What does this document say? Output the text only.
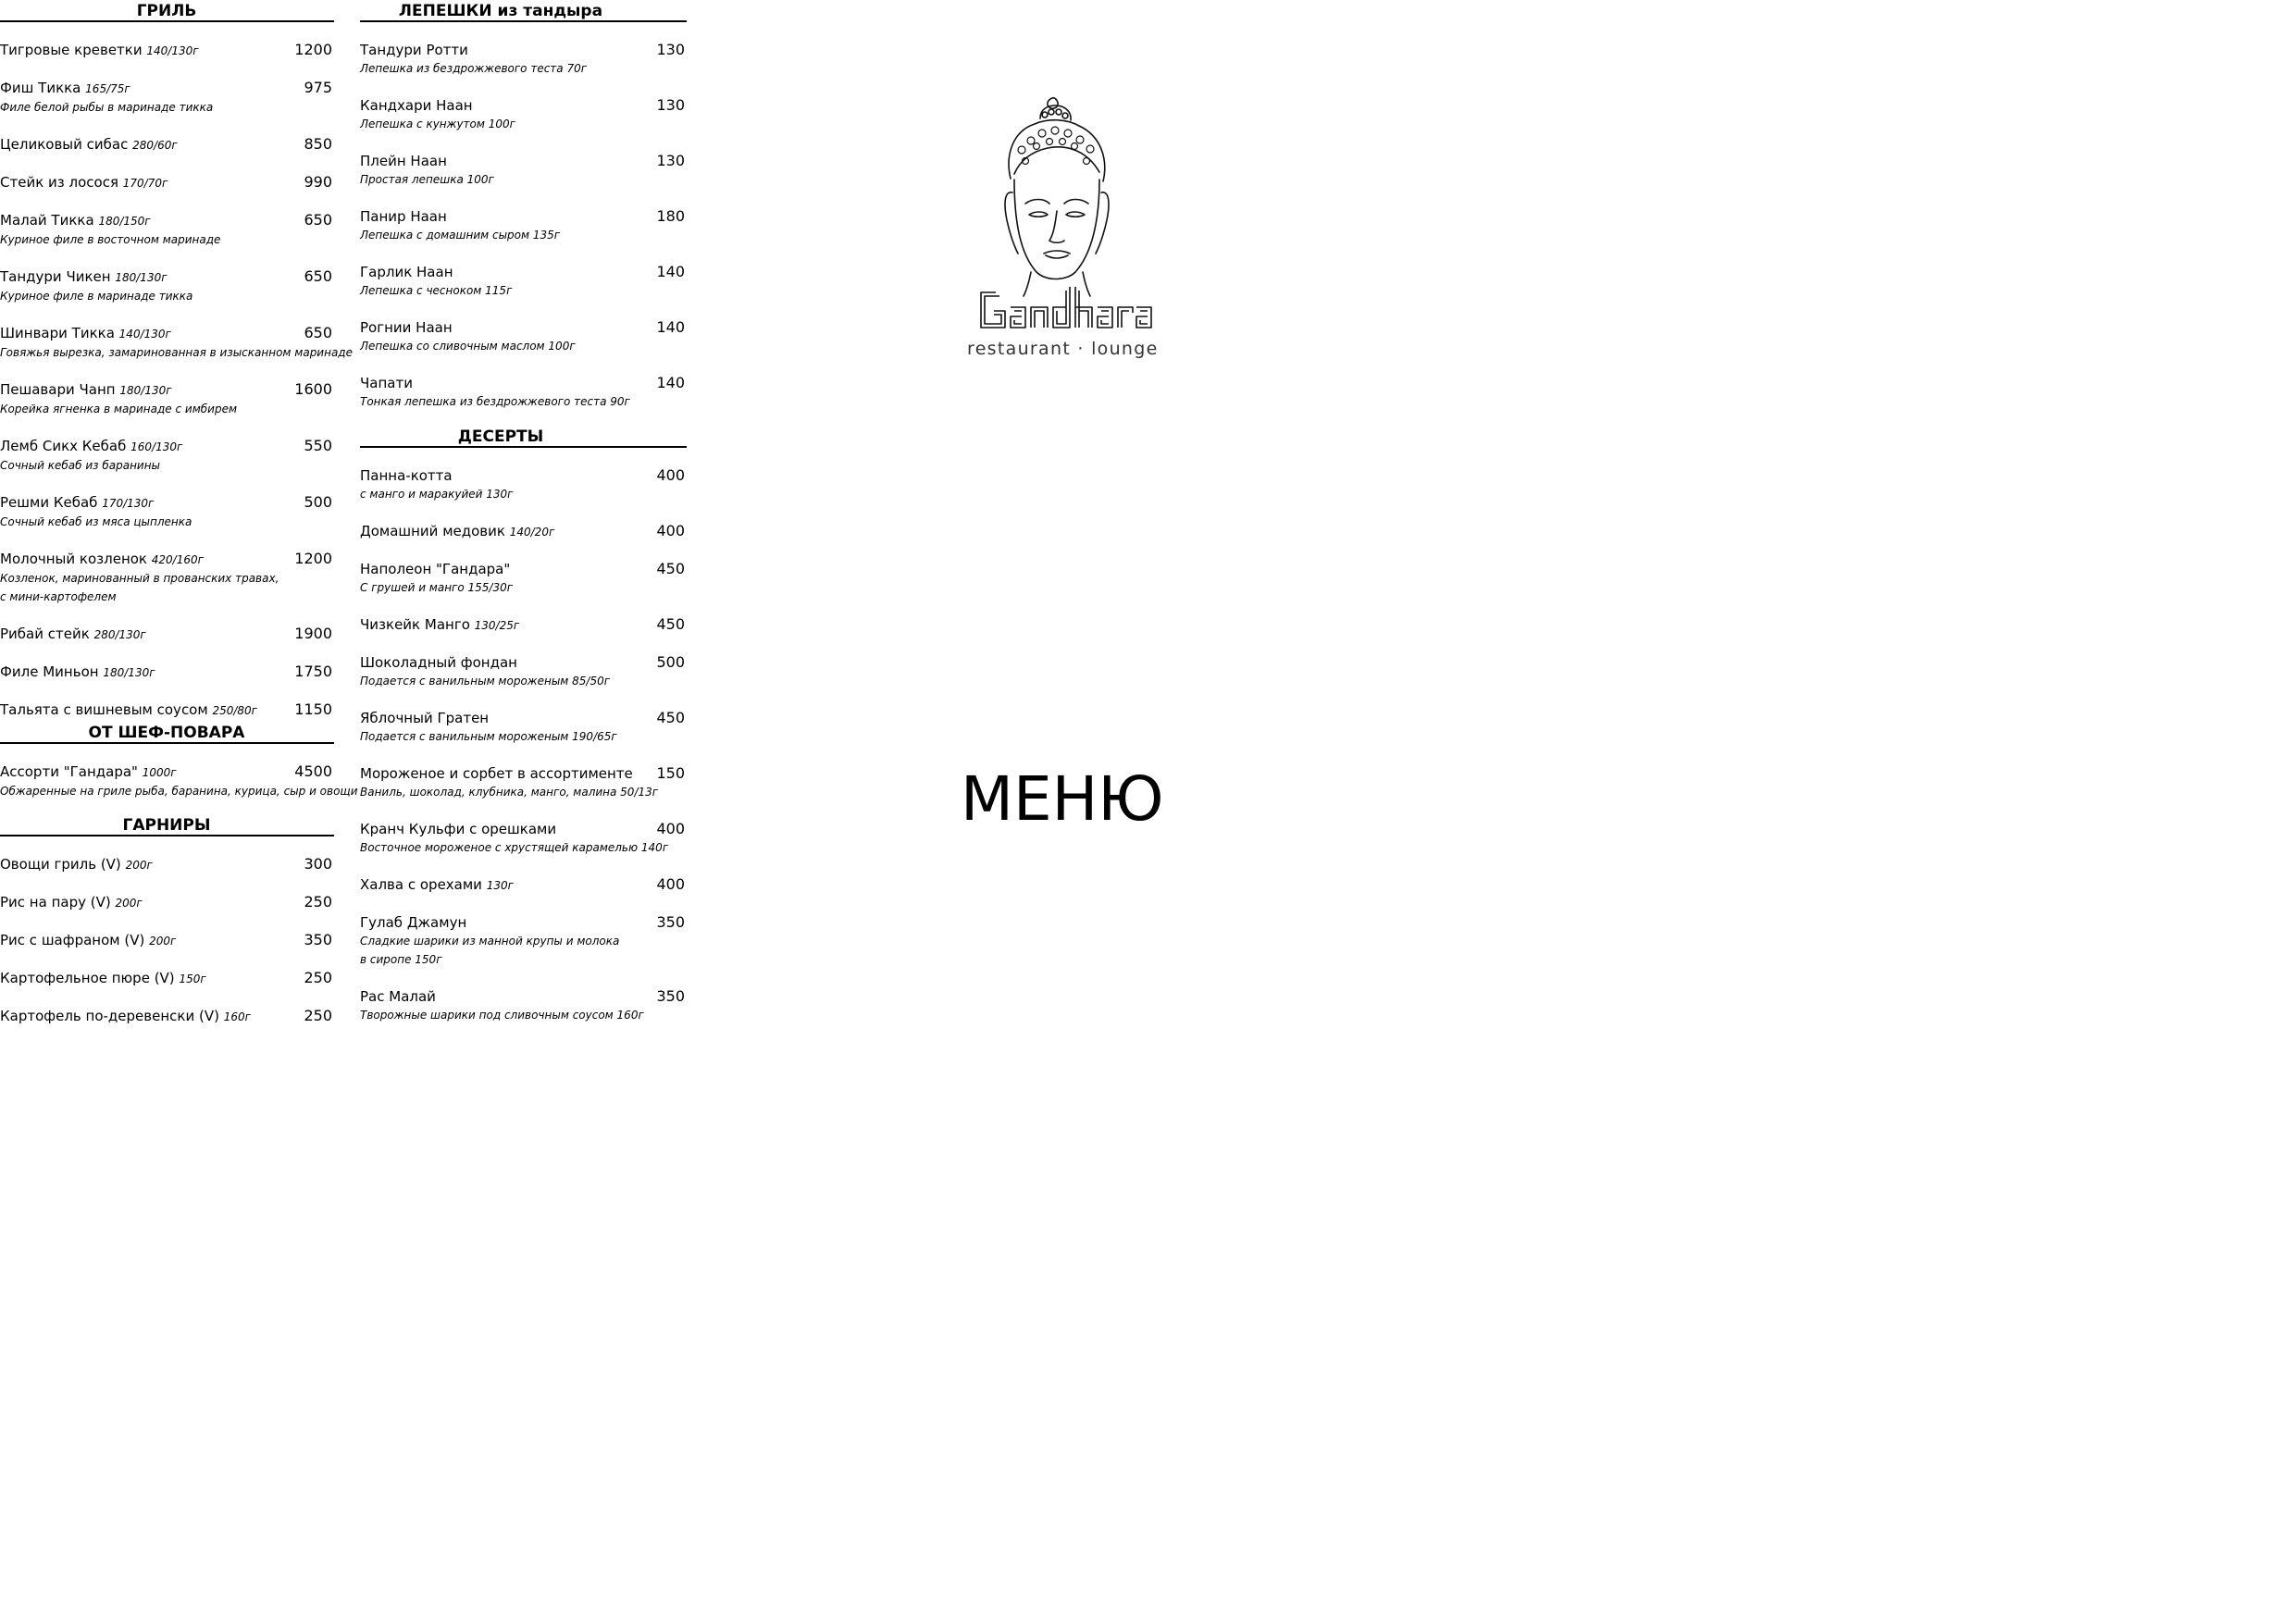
ГРИЛЬ
Тигровые креветки 140/130г	1200
Фиш Тикка 165/75г	975
Филе белой рыбы в маринаде тикка
Целиковый сибас 280/60г	850
Стейк из лосося 170/70г	990
Малай Тикка 180/150г	650
Куриное филе в восточном маринаде
Тандури Чикен 180/130г	650
Куриное филе в маринаде тикка
Шинвари Тикка 140/130г	650
Говяжья вырезка, замаринованная в изысканном маринаде
Пешавари Чанп 180/130г	1600
Корейка ягненка в маринаде с имбирем
Лемб Сикх Кебаб 160/130г	550
Сочный кебаб из баранины
Решми Кебаб 170/130г	500
Сочный кебаб из мяса цыпленка
Молочный козленок 420/160г	1200
Козленок, маринованный в прованских травах,
с мини-картофелем
Рибай стейк 280/130г	1900
Филе Миньон 180/130г	1750
Тальята с вишневым соусом 250/80г	1150
ОТ ШЕФ-ПОВАРА
Ассорти "Гандара" 1000г	4500
Обжаренные на гриле рыба, баранина, курица, сыр и овощи
ГАРНИРЫ
Овощи гриль (V) 200г	300
Рис на пару (V) 200г	250
Рис с шафраном (V) 200г	350
Картофельное пюре (V) 150г	250
Картофель по-деревенски (V) 160г	250
ЛЕПЕШКИ из тандыра
Тандури Ротти	130
Лепешка из бездрожжевого теста 70г
Кандхари Наан	130
Лепешка с кунжутом 100г
Плейн Наан	130
Простая лепешка 100г
Панир Наан	180
Лепешка с домашним сыром 135г
Гарлик Наан	140
Лепешка с чесноком 115г
Рогнии Наан	140
Лепешка со сливочным маслом 100г
Чапати	140
Тонкая лепешка из бездрожжевого теста 90г
ДЕСЕРТЫ
Панна-котта	400
с манго и маракуйей 130г
Домашний медовик 140/20г	400
Наполеон "Гандара"	450
С грушей и манго 155/30г
Чизкейк Манго 130/25г	450
Шоколадный фондан	500
Подается с ванильным мороженым 85/50г
Яблочный Гратен	450
Подается с ванильным мороженым 190/65г
Мороженое и сорбет в ассортименте	150
Ваниль, шоколад, клубника, манго, малина 50/13г
Кранч Кульфи с орешками	400
Восточное мороженое с хрустящей карамелью 140г
Халва с орехами 130г	400
Гулаб Джамун	350
Сладкие шарики из манной крупы и молока
в сиропе 150г
Рас Малай	350
Творожные шарики под сливочным соусом 160г
restaurant · lounge
МЕНЮ
